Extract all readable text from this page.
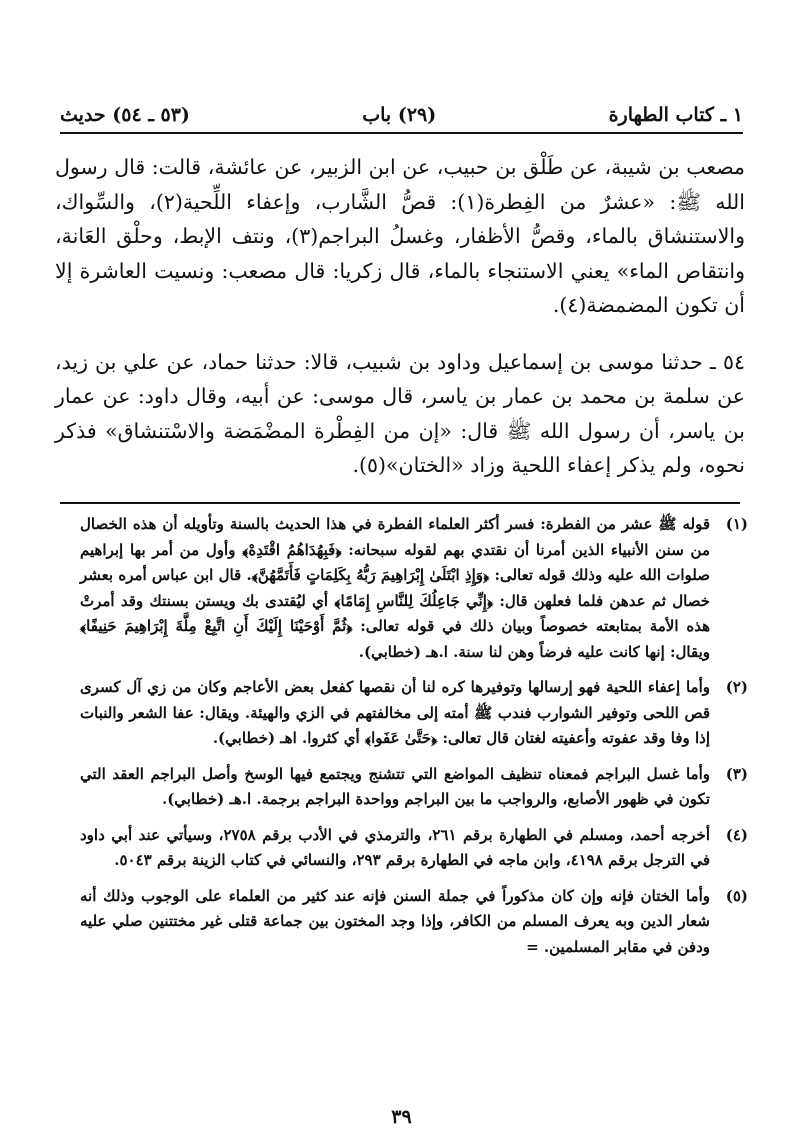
١ ـ كتاب الطهارة
(٢٩) باب
(٥٣ ـ ٥٤) حديث

مصعب بن شيبة، عن طَلْق بن حبيب، عن ابن الزبير، عن عائشة، قالت: قال رسول الله ﷺ: «عشرٌ من الفِطرة(١): قصُّ الشَّارب، وإعفاء اللِّحية(٢)، والسِّواك، والاستنشاق بالماء، وقصُّ الأظفار، وغسلُ البراجم(٣)، ونتف الإبط، وحلْق العَانة، وانتقاص الماء» يعني الاستنجاء بالماء، قال زكريا: قال مصعب: ونسيت العاشرة إلا أن تكون المضمضة(٤).

٥٤ ـ حدثنا موسى بن إسماعيل وداود بن شبيب، قالا: حدثنا حماد، عن علي بن زيد، عن سلمة بن محمد بن عمار بن ياسر، قال موسى: عن أبيه، وقال داود: عن عمار بن ياسر، أن رسول الله ﷺ قال: «إن من الفِطْرة المضْمَضة والاسْتنشاق» فذكر نحوه، ولم يذكر إعفاء اللحية وزاد «الختان»(٥).

(١)
قوله ﷺ عشر من الفطرة: فسر أكثر العلماء الفطرة في هذا الحديث بالسنة وتأويله أن هذه الخصال من سنن الأنبياء الذين أمرنا أن نقتدي بهم لقوله سبحانه: ﴿فَبِهُدَاهُمُ اقْتَدِهْ﴾ وأول من أمر بها إبراهيم صلوات الله عليه وذلك قوله تعالى: ﴿وَإِذِ ابْتَلَىٰ إِبْرَاهِيمَ رَبُّهُ بِكَلِمَاتٍ فَأَتَمَّهُنَّ﴾. قال ابن عباس أمره بعشر خصال ثم عدهن فلما فعلهن قال: ﴿إِنِّي جَاعِلُكَ لِلنَّاسِ إِمَامًا﴾ أي ليُقتدى بك ويستن بسنتك وقد أمرتْ هذه الأمة بمتابعته خصوصاً وبيان ذلك في قوله تعالى: ﴿ثُمَّ أَوْحَيْنَا إِلَيْكَ أَنِ اتَّبِعْ مِلَّةَ إِبْرَاهِيمَ حَنِيفًا﴾ ويقال: إنها كانت عليه فرضاً وهن لنا سنة. ا.هـ (خطابي).
(٢)
وأما إعفاء اللحية فهو إرسالها وتوفيرها كره لنا أن نقصها كفعل بعض الأعاجم وكان من زي آل كسرى قص اللحى وتوفير الشوارب فندب ﷺ أمته إلى مخالفتهم في الزي والهيئة. ويقال: عفا الشعر والنبات إذا وفا وقد عفوته وأعفيته لغتان قال تعالى: ﴿حَتَّىٰ عَفَوا﴾ أي كثروا. اهـ (خطابي).
(٣)
وأما غسل البراجم فمعناه تنظيف المواضع التي تتشنج ويجتمع فيها الوسخ وأصل البراجم العقد التي تكون في ظهور الأصابع، والرواجب ما بين البراجم وواحدة البراجم برجمة. ا.هـ (خطابي).
(٤)
أخرجه أحمد، ومسلم في الطهارة برقم ٢٦١، والترمذي في الأدب برقم ٢٧٥٨، وسيأتي عند أبي داود في الترجل برقم ٤١٩٨، وابن ماجه في الطهارة برقم ٢٩٣، والنسائي في كتاب الزينة برقم ٥٠٤٣.
(٥)
وأما الختان فإنه وإن كان مذكوراً في جملة السنن فإنه عند كثير من العلماء على الوجوب وذلك أنه شعار الدين وبه يعرف المسلم من الكافر، وإذا وجد المختون بين جماعة قتلى غير مختتنين صلي عليه ودفن في مقابر المسلمين. =
٣٩
